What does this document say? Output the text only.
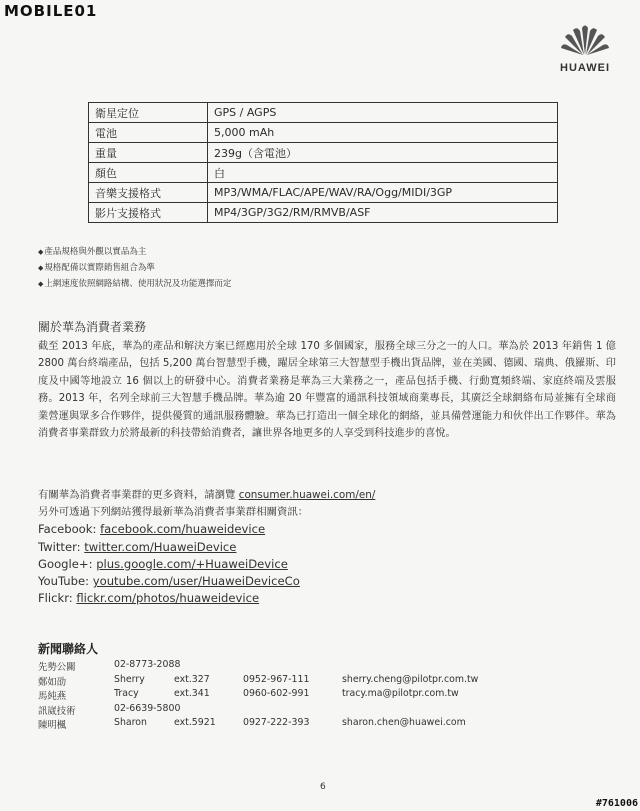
MOBILE01
HUAWEI
衛星定位	GPS / AGPS
電池	5,000 mAh
重量	239g（含電池）
顏色	白
音樂支援格式	MP3/WMA/FLAC/APE/WAV/RA/Ogg/MIDI/3GP
影片支援格式	MP4/3GP/3G2/RM/RMVB/ASF
◆ 產品規格與外觀以實品為主
◆ 規格配備以實際銷售組合為準
◆ 上網速度依照網路結構、使用狀況及功能選擇而定
關於華為消費者業務
截至 2013 年底，華為的產品和解決方案已經應用於全球 170 多個國家，服務全球三分之一的人口。華為於 2013 年銷售 1 億 2800 萬台終端產品，包括 5,200 萬台智慧型手機，躍居全球第三大智慧型手機出貨品牌，並在美國、德國、瑞典、俄羅斯、印度及中國等地設立 16 個以上的研發中心。消費者業務是華為三大業務之一，產品包括手機、行動寬頻終端、家庭終端及雲服務。2013 年，名列全球前三大智慧手機品牌。華為逾 20 年豐富的通訊科技領域商業專長，其廣泛全球網絡布局並擁有全球商業營運與眾多合作夥伴，提供優質的通訊服務體驗。華為已打造出一個全球化的網絡，並具備營運能力和伙伴出工作夥伴。華為消費者事業群致力於將最新的科技帶給消費者，讓世界各地更多的人享受到科技進步的喜悅。
有關華為消費者事業群的更多資料，請瀏覽 consumer.huawei.com/en/
另外可透過下列網站獲得最新華為消費者事業群相關資訊：
Facebook: facebook.com/huaweidevice
Twitter: twitter.com/HuaweiDevice
Google+: plus.google.com/+HuaweiDevice
YouTube: youtube.com/user/HuaweiDeviceCo
Flickr: flickr.com/photos/huaweidevice
新聞聯絡人
先勢公關	02-8773-2088
鄭如劭	Sherry	ext.327	0952-967-111	sherry.cheng@pilotpr.com.tw
馬純燕	Tracy	ext.341	0960-602-991	tracy.ma@pilotpr.com.tw
訊崴技術	02-6639-5800
陳明楓	Sharon	ext.5921	0927-222-393	sharon.chen@huawei.com
6
#761006
